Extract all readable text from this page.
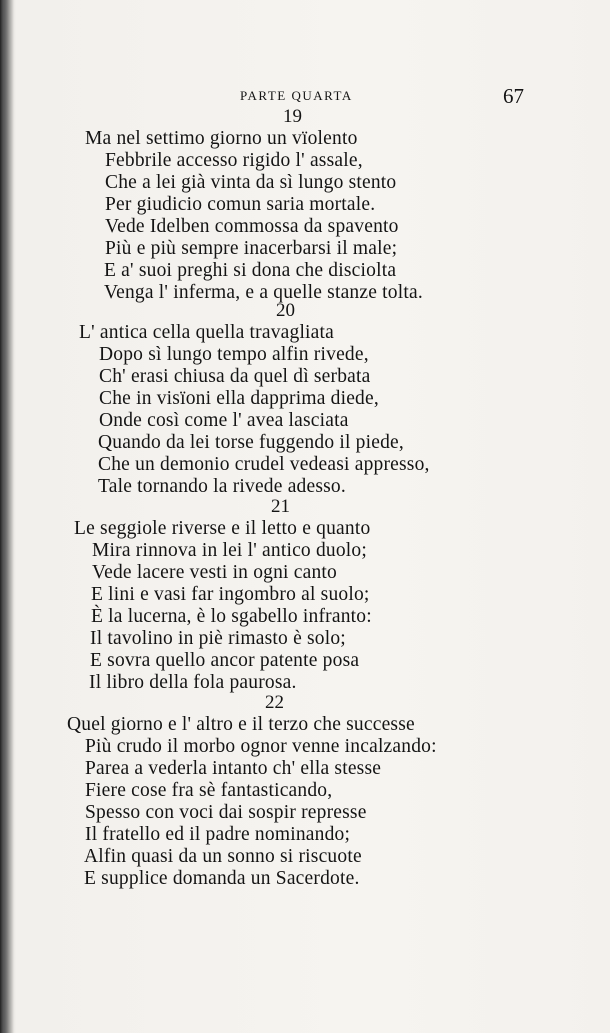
PARTE QUARTA	67
19
Ma nel settimo giorno un vïolento
Febbrile accesso rigido l' assale,
Che a lei già vinta da sì lungo stento
Per giudicio comun saria mortale.
Vede Idelben commossa da spavento
Più e più sempre inacerbarsi il male;
E a' suoi preghi si dona che disciolta
Venga l' inferma, e a quelle stanze tolta.
20
L' antica cella quella travagliata
Dopo sì lungo tempo alfin rivede,
Ch' erasi chiusa da quel dì serbata
Che in visïoni ella dapprima diede,
Onde così come l' avea lasciata
Quando da lei torse fuggendo il piede,
Che un demonio crudel vedeasi appresso,
Tale tornando la rivede adesso.
21
Le seggiole riverse e il letto e quanto
Mira rinnova in lei l' antico duolo;
Vede lacere vesti in ogni canto
E lini e vasi far ingombro al suolo;
È la lucerna, è lo sgabello infranto:
Il tavolino in piè rimasto è solo;
E sovra quello ancor patente posa
Il libro della fola paurosa.
22
Quel giorno e l' altro e il terzo che successe
Più crudo il morbo ognor venne incalzando:
Parea a vederla intanto ch' ella stesse
Fiere cose fra sè fantasticando,
Spesso con voci dai sospir represse
Il fratello ed il padre nominando;
Alfin quasi da un sonno si riscuote
E supplice domanda un Sacerdote.
